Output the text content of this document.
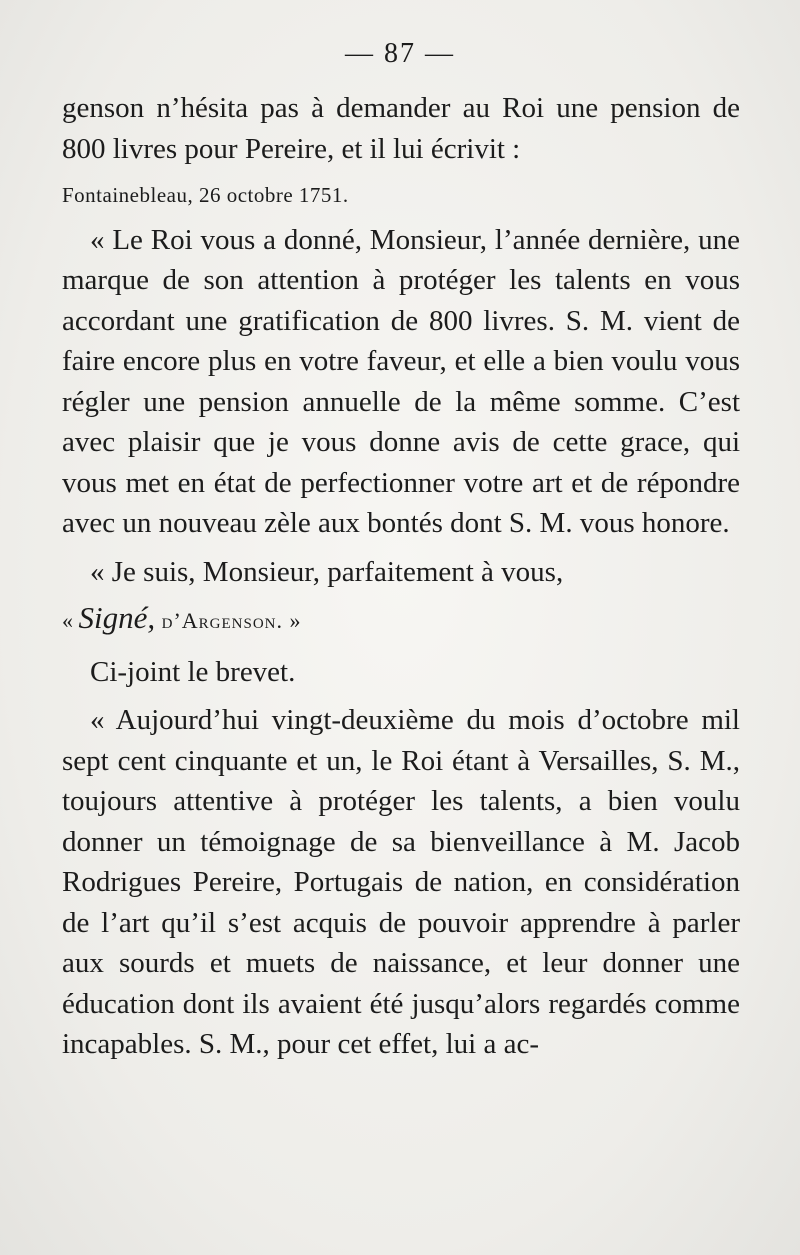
— 87 —

genson n’hésita pas à demander au Roi une pension de 800 livres pour Pereire, et il lui écrivit :

Fontainebleau, 26 octobre 1751.

« Le Roi vous a donné, Monsieur, l’année dernière, une marque de son attention à protéger les talents en vous accordant une gratification de 800 livres. S. M. vient de faire encore plus en votre faveur, et elle a bien voulu vous régler une pension annuelle de la même somme. C’est avec plaisir que je vous donne avis de cette grace, qui vous met en état de perfectionner votre art et de répondre avec un nouveau zèle aux bontés dont S. M. vous honore.

« Je suis, Monsieur, parfaitement à vous,

« Signé, d’Argenson. »

Ci-joint le brevet.

« Aujourd’hui vingt-deuxième du mois d’octobre mil sept cent cinquante et un, le Roi étant à Versailles, S. M., toujours attentive à protéger les talents, a bien voulu donner un témoignage de sa bienveillance à M. Jacob Rodrigues Pereire, Portugais de nation, en considération de l’art qu’il s’est acquis de pouvoir apprendre à parler aux sourds et muets de naissance, et leur donner une éducation dont ils avaient été jusqu’alors regardés comme incapables. S. M., pour cet effet, lui a ac-
